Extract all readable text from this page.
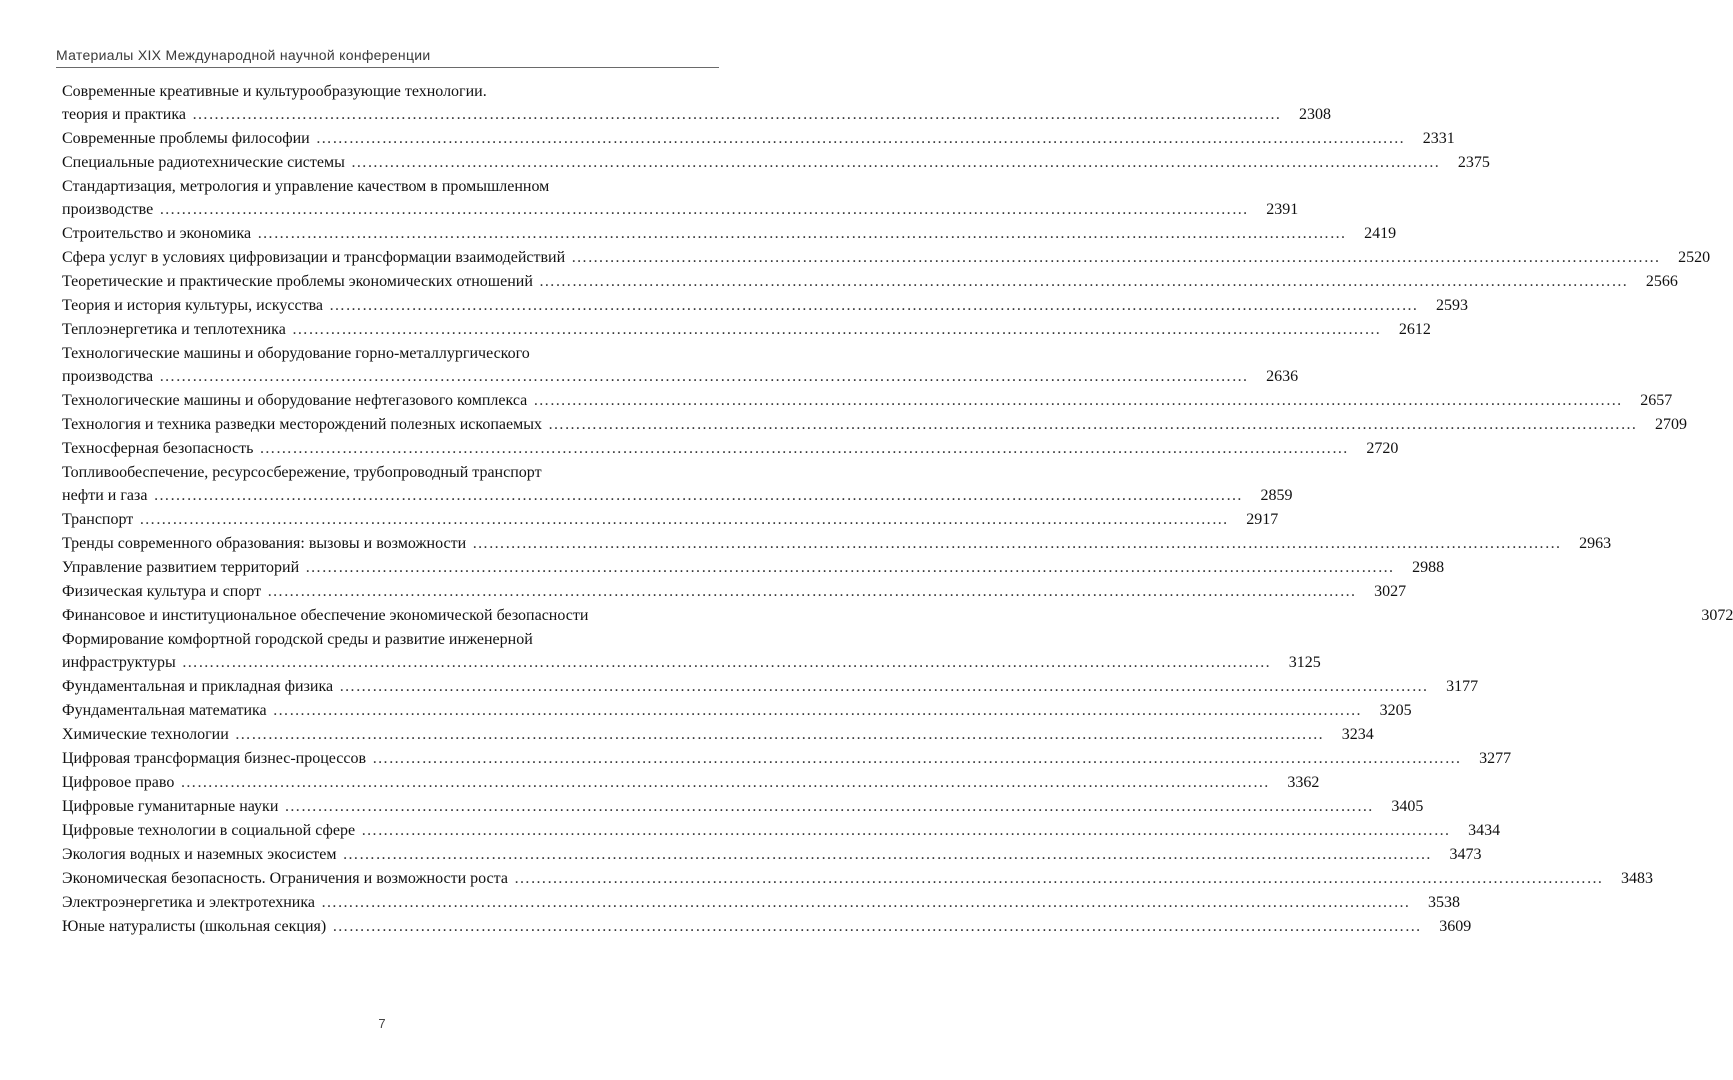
Материалы XIX Международной научной конференции
Современные креативные и культурообразующие технологии.
теория и практика ………………………………………………………………………………………………………………………………………………………………………………	2308
Современные проблемы философии ………………………………………………………………………………………………………………………………………………………………………………	2331
Специальные радиотехнические системы ………………………………………………………………………………………………………………………………………………………………………………	2375
Стандартизация, метрология и управление качеством в промышленном
производстве ………………………………………………………………………………………………………………………………………………………………………………	2391
Строительство и экономика ………………………………………………………………………………………………………………………………………………………………………………	2419
Сфера услуг в условиях цифровизации и трансформации взаимодействий ………………………………………………………………………………………………………………………………………………………………………………	2520
Теоретические и практические проблемы экономических отношений ………………………………………………………………………………………………………………………………………………………………………………	2566
Теория и история культуры, искусства ………………………………………………………………………………………………………………………………………………………………………………	2593
Теплоэнергетика и теплотехника ………………………………………………………………………………………………………………………………………………………………………………	2612
Технологические машины и оборудование горно-металлургического
производства ………………………………………………………………………………………………………………………………………………………………………………	2636
Технологические машины и оборудование нефтегазового комплекса ………………………………………………………………………………………………………………………………………………………………………………	2657
Технология и техника разведки месторождений полезных ископаемых ………………………………………………………………………………………………………………………………………………………………………………	2709
Техносферная безопасность ………………………………………………………………………………………………………………………………………………………………………………	2720
Топливообеспечение, ресурсосбережение, трубопроводный транспорт
нефти и газа ………………………………………………………………………………………………………………………………………………………………………………	2859
Транспорт ………………………………………………………………………………………………………………………………………………………………………………	2917
Тренды современного образования: вызовы и возможности ………………………………………………………………………………………………………………………………………………………………………………	2963
Управление развитием территорий ………………………………………………………………………………………………………………………………………………………………………………	2988
Физическая культура и спорт ………………………………………………………………………………………………………………………………………………………………………………	3027
Финансовое и институциональное обеспечение экономической безопасности	3072
Формирование комфортной городской среды и развитие инженерной
инфраструктуры ………………………………………………………………………………………………………………………………………………………………………………	3125
Фундаментальная и прикладная физика ………………………………………………………………………………………………………………………………………………………………………………	3177
Фундаментальная математика ………………………………………………………………………………………………………………………………………………………………………………	3205
Химические технологии ………………………………………………………………………………………………………………………………………………………………………………	3234
Цифровая трансформация бизнес-процессов ………………………………………………………………………………………………………………………………………………………………………………	3277
Цифровое право ………………………………………………………………………………………………………………………………………………………………………………	3362
Цифровые гуманитарные науки ………………………………………………………………………………………………………………………………………………………………………………	3405
Цифровые технологии в социальной сфере ………………………………………………………………………………………………………………………………………………………………………………	3434
Экология водных и наземных экосистем ………………………………………………………………………………………………………………………………………………………………………………	3473
Экономическая безопасность. Ограничения и возможности роста ………………………………………………………………………………………………………………………………………………………………………………	3483
Электроэнергетика и электротехника ………………………………………………………………………………………………………………………………………………………………………………	3538
Юные натуралисты (школьная секция) ………………………………………………………………………………………………………………………………………………………………………………	3609
7
